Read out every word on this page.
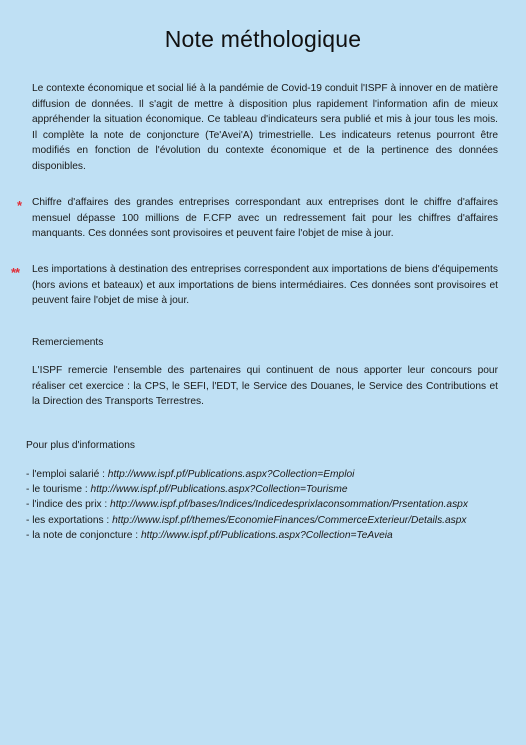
Note méthologique

Le contexte économique et social lié à la pandémie de Covid-19 conduit l'ISPF à innover en de matière diffusion de données. Il s'agit de mettre à disposition plus rapidement l'information afin de mieux appréhender la situation économique. Ce tableau d'indicateurs sera publié et mis à jour tous les mois. Il complète la note de conjoncture (Te'Avei'A) trimestrielle. Les indicateurs retenus pourront être modifiés en fonction de l'évolution du contexte économique et de la pertinence des données disponibles.

* Chiffre d'affaires des grandes entreprises correspondant aux entreprises dont le chiffre d'affaires mensuel dépasse 100 millions de F.CFP avec un redressement fait pour les chiffres d'affaires manquants. Ces données sont provisoires et peuvent faire l'objet de mise à jour.

** Les importations à destination des entreprises correspondent aux importations de biens d'équipements (hors avions et bateaux) et aux importations de biens intermédiaires. Ces données sont provisoires et peuvent faire l'objet de mise à jour.

Remerciements

L'ISPF remercie l'ensemble des partenaires qui continuent de nous apporter leur concours pour réaliser cet exercice : la CPS, le SEFI, l'EDT, le Service des Douanes, le Service des Contributions et la Direction des Transports Terrestres.

Pour plus d'informations
- l'emploi salarié : http://www.ispf.pf/Publications.aspx?Collection=Emploi
- le tourisme : http://www.ispf.pf/Publications.aspx?Collection=Tourisme
- l'indice des prix : http://www.ispf.pf/bases/Indices/Indicedesprixlaconsommation/Prsentation.aspx
- les exportations : http://www.ispf.pf/themes/EconomieFinances/CommerceExterieur/Details.aspx
- la note de conjoncture : http://www.ispf.pf/Publications.aspx?Collection=TeAveia
